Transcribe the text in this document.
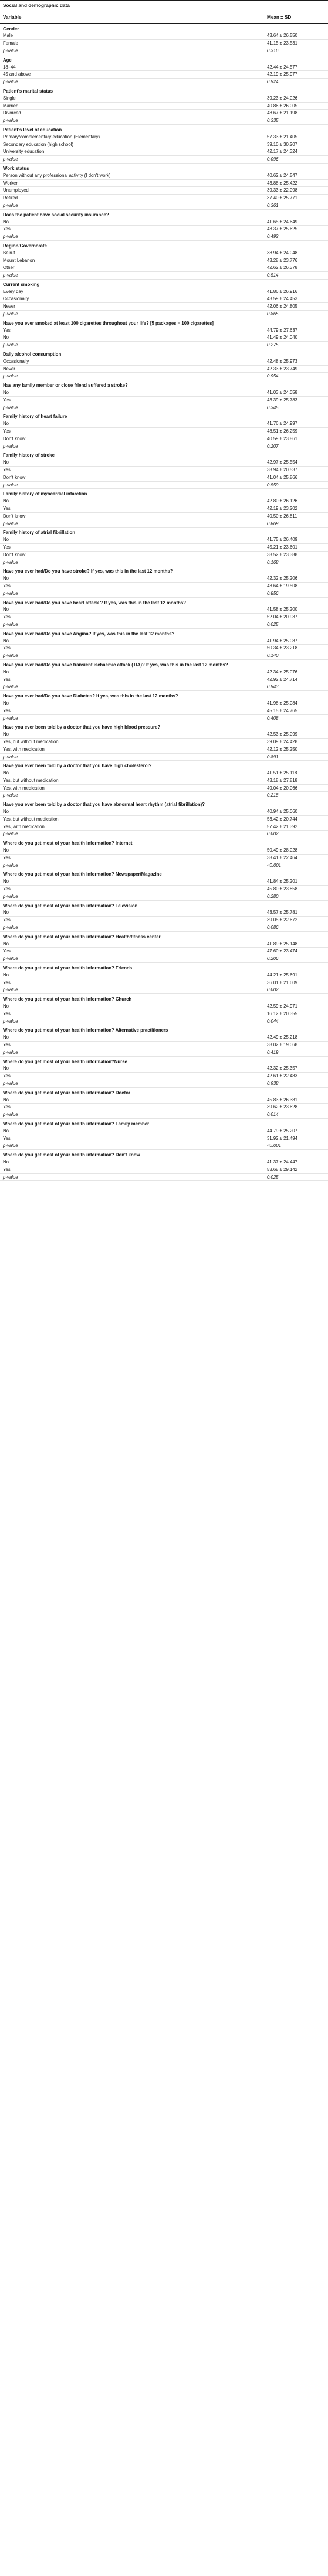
Social and demographic data	
Variable	Mean ± SD
Gender	
Male	43.64 ± 26.550
Female	41.15 ± 23.531
p-value	0.316
Age	
18–44	42.44 ± 24.577
45 and above	42.19 ± 25.977
p-value	0.924
Patient's marital status	
Single	39.23 ± 24.026
Married	40.86 ± 26.005
Divorced	48.67 ± 21.198
p-value	0.335
Patient's level of education	
Primary/complementary education (Elementary)	57.33 ± 21.405
Secondary education (high school)	39.10 ± 30.207
University education	42.17 ± 24.324
p-value	0.096
Work status	
Person without any professional activity (I don't work)	40.62 ± 24.547
Worker	43.88 ± 25.422
Unemployed	39.33 ± 22.098
Retired	37.40 ± 25.771
p-value	0.361
Does the patient have social security insurance?	
No	41.65 ± 24.649
Yes	43.37 ± 25.625
p-value	0.492
Region/Governorate	
Beirut	38.94 ± 24.048
Mount Lebanon	43.28 ± 23.776
Other	42.62 ± 26.378
p-value	0.514
Current smoking	
Every day	41.86 ± 26.916
Occasionally	43.59 ± 24.453
Never	42.06 ± 24.805
p-value	0.865
Have you ever smoked at least 100 cigarettes throughout your life? [5 packages = 100 cigarettes]	
Yes	44.79 ± 27.637
No	41.49 ± 24.040
p-value	0.275
Daily alcohol consumption	
Occasionally	42.48 ± 25.973
Never	42.33 ± 23.749
p-value	0.954
Has any family member or close friend suffered a stroke?	
No	41.03 ± 24.058
Yes	43.39 ± 25.783
p-value	0.345
Family history of heart failure	
No	41.76 ± 24.997
Yes	48.51 ± 26.259
Don't know	40.59 ± 23.861
p-value	0.207
Family history of stroke	
No	42.97 ± 25.554
Yes	38.94 ± 20.537
Don't know	41.04 ± 25.866
p-value	0.559
Family history of myocardial infarction	
No	42.80 ± 26.126
Yes	42.19 ± 23.202
Don't know	40.50 ± 26.811
p-value	0.869
Family history of atrial fibrillation	
No	41.75 ± 26.409
Yes	45.21 ± 23.601
Don't know	38.52 ± 23.388
p-value	0.168
Have you ever had/Do you have stroke? If yes, was this in the last 12 months?	
No	42.32 ± 25.206
Yes	43.64 ± 19.508
p-value	0.856
Have you ever had/Do you have heart attack ? If yes, was this in the last 12 months?	
No	41.58 ± 25.200
Yes	52.04 ± 20.937
p-value	0.025
Have you ever had/Do you have Angina? If yes, was this in the last 12 months?	
No	41.94 ± 25.087
Yes	50.34 ± 23.218
p-value	0.140
Have you ever had/Do you have transient ischaemic attack (TIA)? If yes, was this in the last 12 months?	
No	42.34 ± 25.076
Yes	42.92 ± 24.714
p-value	0.943
Have you ever had/Do you have Diabetes? If yes, was this in the last 12 months?	
No	41.98 ± 25.084
Yes	45.15 ± 24.765
p-value	0.408
Have you ever been told by a doctor that you have high blood pressure?	
No	42.53 ± 25.099
Yes, but without medication	39.09 ± 24.428
Yes, with medication	42.12 ± 25.250
p-value	0.891
Have you ever been told by a doctor that you have high cholesterol?	
No	41.51 ± 25.118
Yes, but without medication	43.18 ± 27.818
Yes, with medication	49.04 ± 20.066
p-value	0.218
Have you ever been told by a doctor that you have abnormal heart rhythm (atrial fibrillation)?	
No	40.94 ± 25.060
Yes, but without medication	53.42 ± 20.744
Yes, with medication	57.42 ± 21.392
p-value	0.002
Where do you get most of your health information? Internet	
No	50.49 ± 28.028
Yes	38.41 ± 22.464
p-value	<0.001
Where do you get most of your health information? Newspaper/Magazine	
No	41.84 ± 25.201
Yes	45.80 ± 23.858
p-value	0.280
Where do you get most of your health information? Television	
No	43.57 ± 25.781
Yes	39.05 ± 22.672
p-value	0.086
Where do you get most of your health information? Health/fitness center	
No	41.89 ± 25.148
Yes	47.60 ± 23.474
p-value	0.206
Where do you get most of your health information? Friends	
No	44.21 ± 25.691
Yes	36.01 ± 21.609
p-value	0.002
Where do you get most of your health information? Church	
No	42.59 ± 24.971
Yes	16.12 ± 20.355
p-value	0.044
Where do you get most of your health information? Alternative practitioners	
No	42.49 ± 25.218
Yes	38.02 ± 19.068
p-value	0.419
Where do you get most of your health information?Nurse	
No	42.32 ± 25.357
Yes	42.61 ± 22.483
p-value	0.938
Where do you get most of your health information? Doctor	
No	45.83 ± 26.381
Yes	39.62 ± 23.628
p-value	0.014
Where do you get most of your health information? Family member	
No	44.79 ± 25.207
Yes	31.92 ± 21.494
p-value	<0.001
Where do you get most of your health information? Don't know	
No	41.37 ± 24.447
Yes	53.68 ± 29.142
p-value	0.025
